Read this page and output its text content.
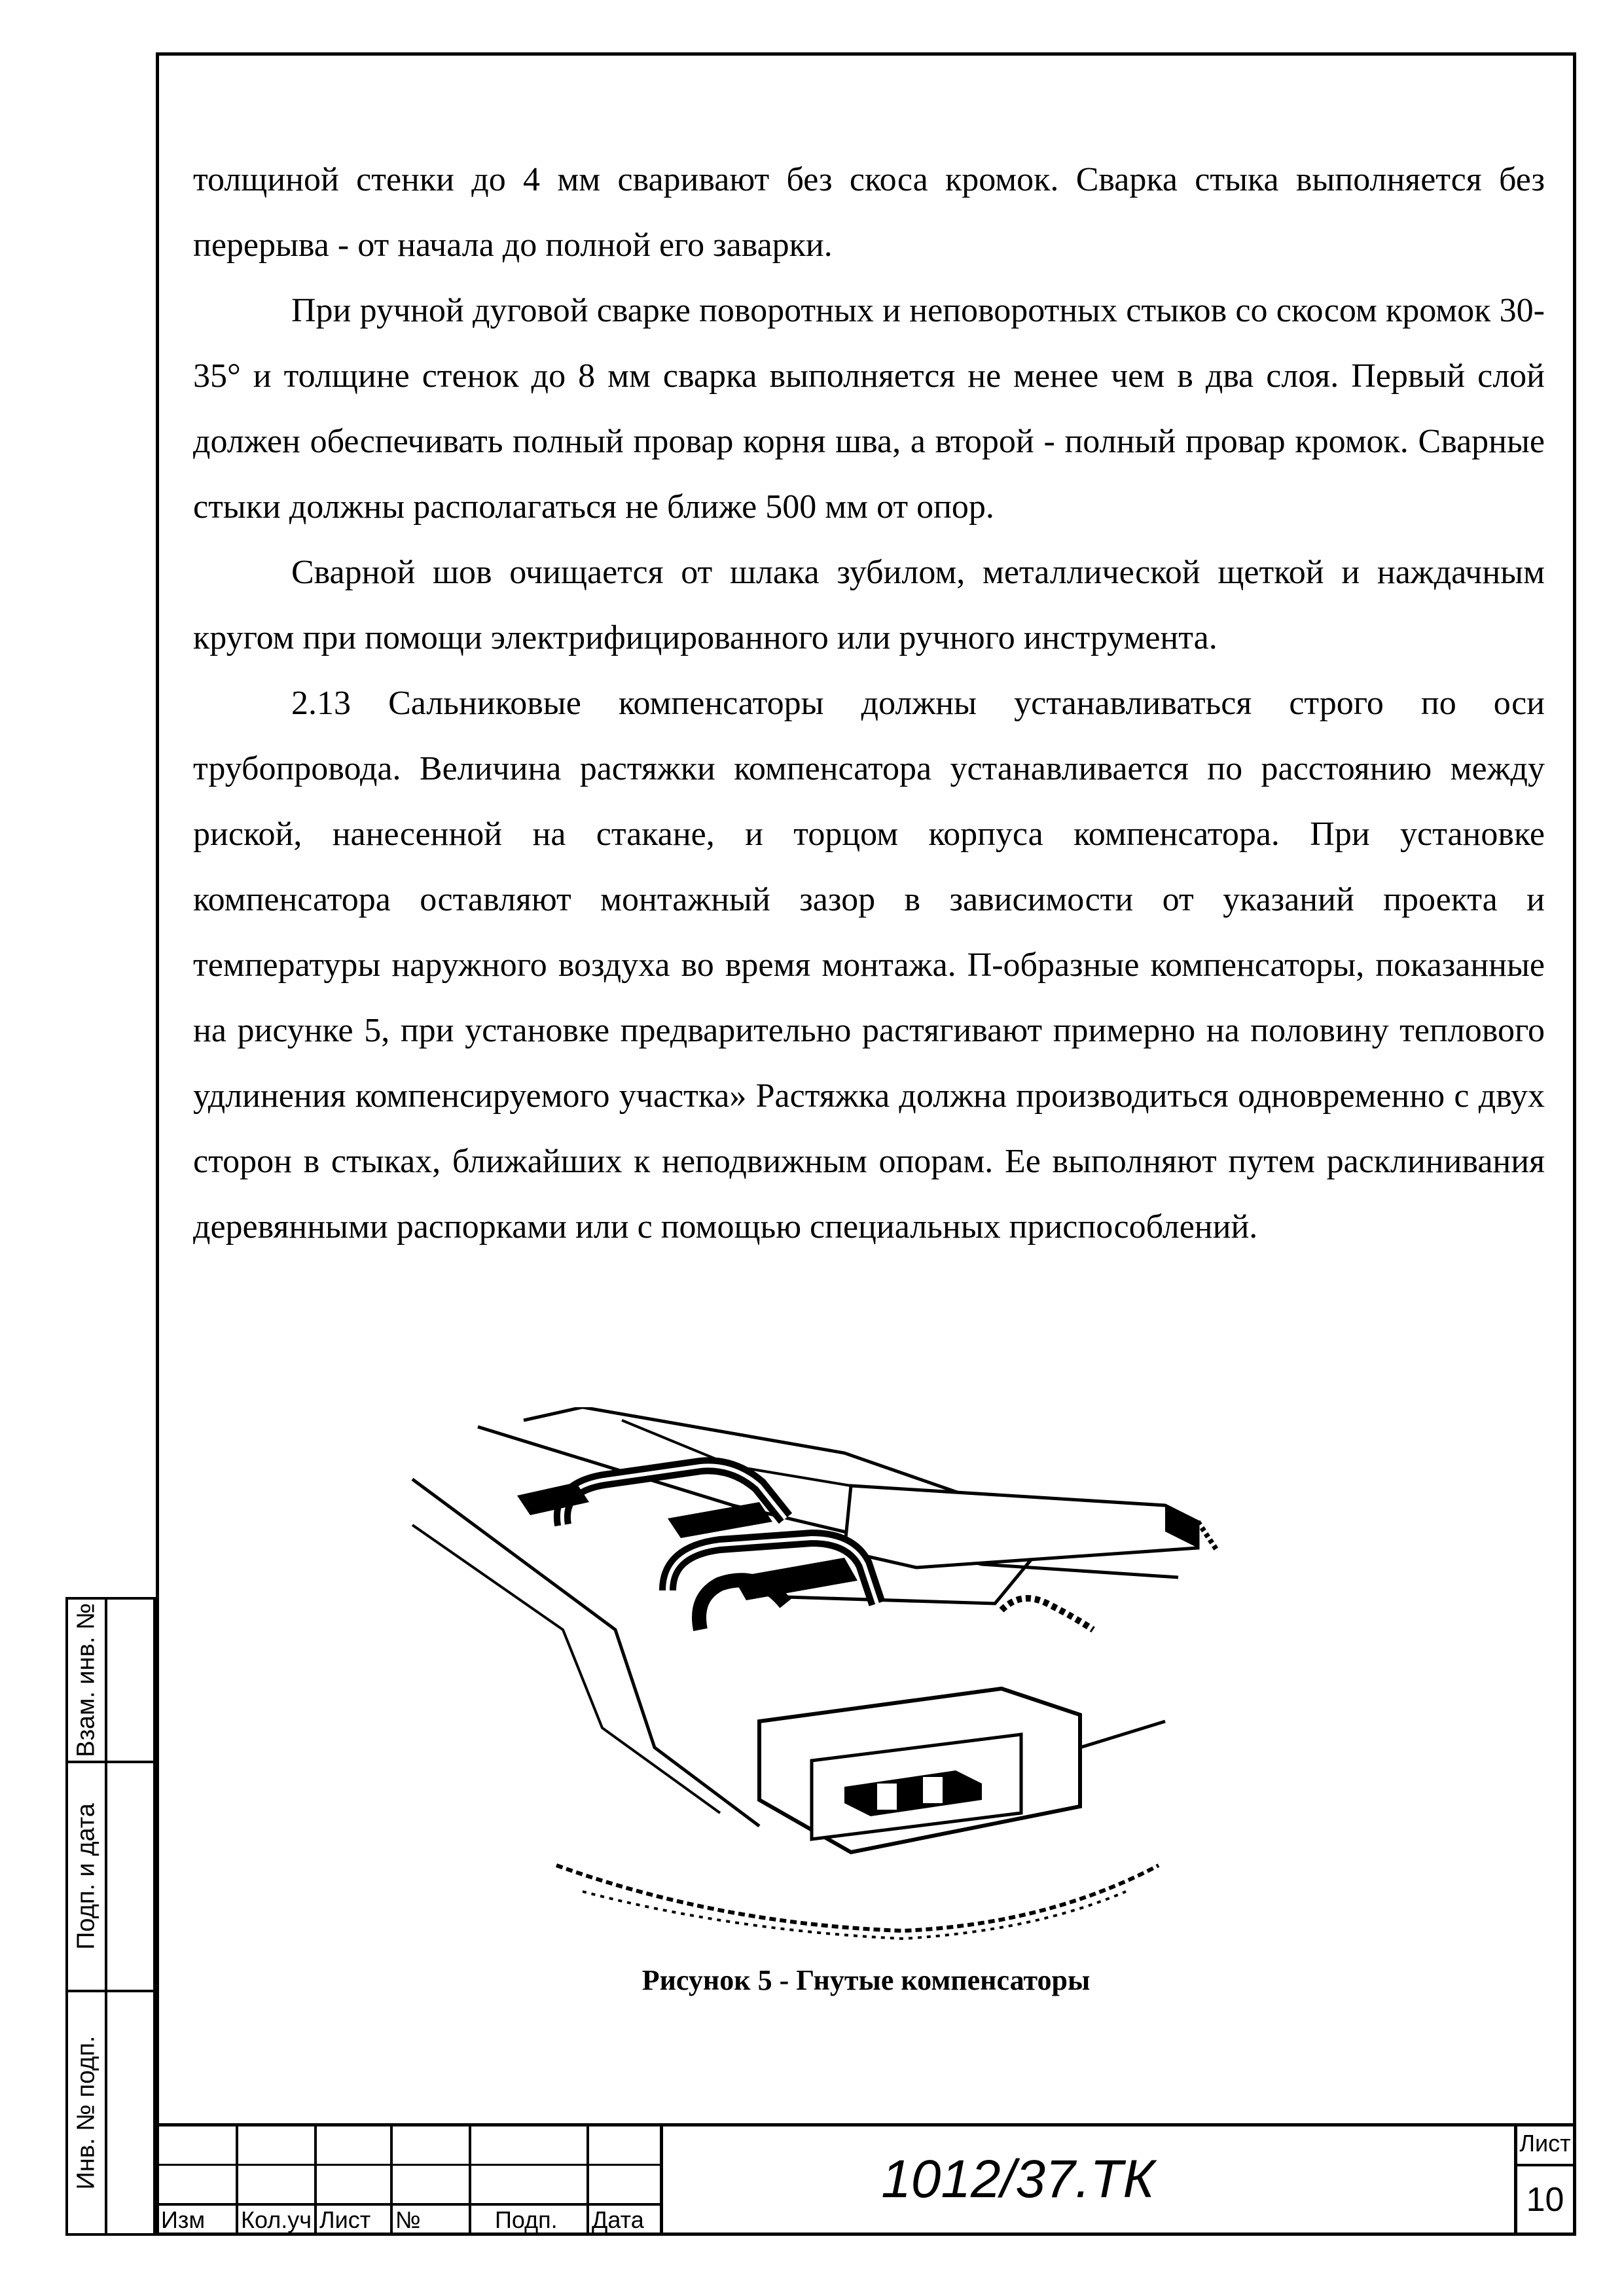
толщиной стенки до 4 мм сваривают без скоса кромок. Сварка стыка выполняется без перерыва - от начала до полной его заварки.

При ручной дуговой сварке поворотных и неповоротных стыков со скосом кромок 30-35° и толщине стенок до 8 мм сварка выполняется не менее чем в два слоя. Первый слой должен обеспечивать полный провар корня шва, а второй - полный провар кромок. Сварные стыки должны располагаться не ближе 500 мм от опор.

Сварной шов очищается от шлака зубилом, металлической щеткой и наждачным кругом при помощи электрифицированного или ручного инструмента.

2.13 Сальниковые компенсаторы должны устанавливаться строго по оси трубопровода. Величина растяжки компенсатора устанавливается по расстоянию между риской, нанесенной на стакане, и торцом корпуса компенсатора. При установке компенсатора оставляют монтажный зазор в зависимости от указаний проекта и температуры наружного воздуха во время монтажа. П-образные компенсаторы, показанные на рисунке 5, при установке предварительно растягивают примерно на половину теплового удлинения компенсируемого участка» Растяжка должна производиться одновременно с двух сторон в стыках, ближайших к неподвижным опорам. Ее выполняют путем расклинивания деревянными распорками или с помощью специальных приспособлений.

Рисунок 5 - Гнутые компенсаторы
Взам. инв. №
Подп. и дата
Инв. № подп.
Изм	Кол.уч Лист	№	Подп.	Дата
1012/37.ТК
Лист
10
